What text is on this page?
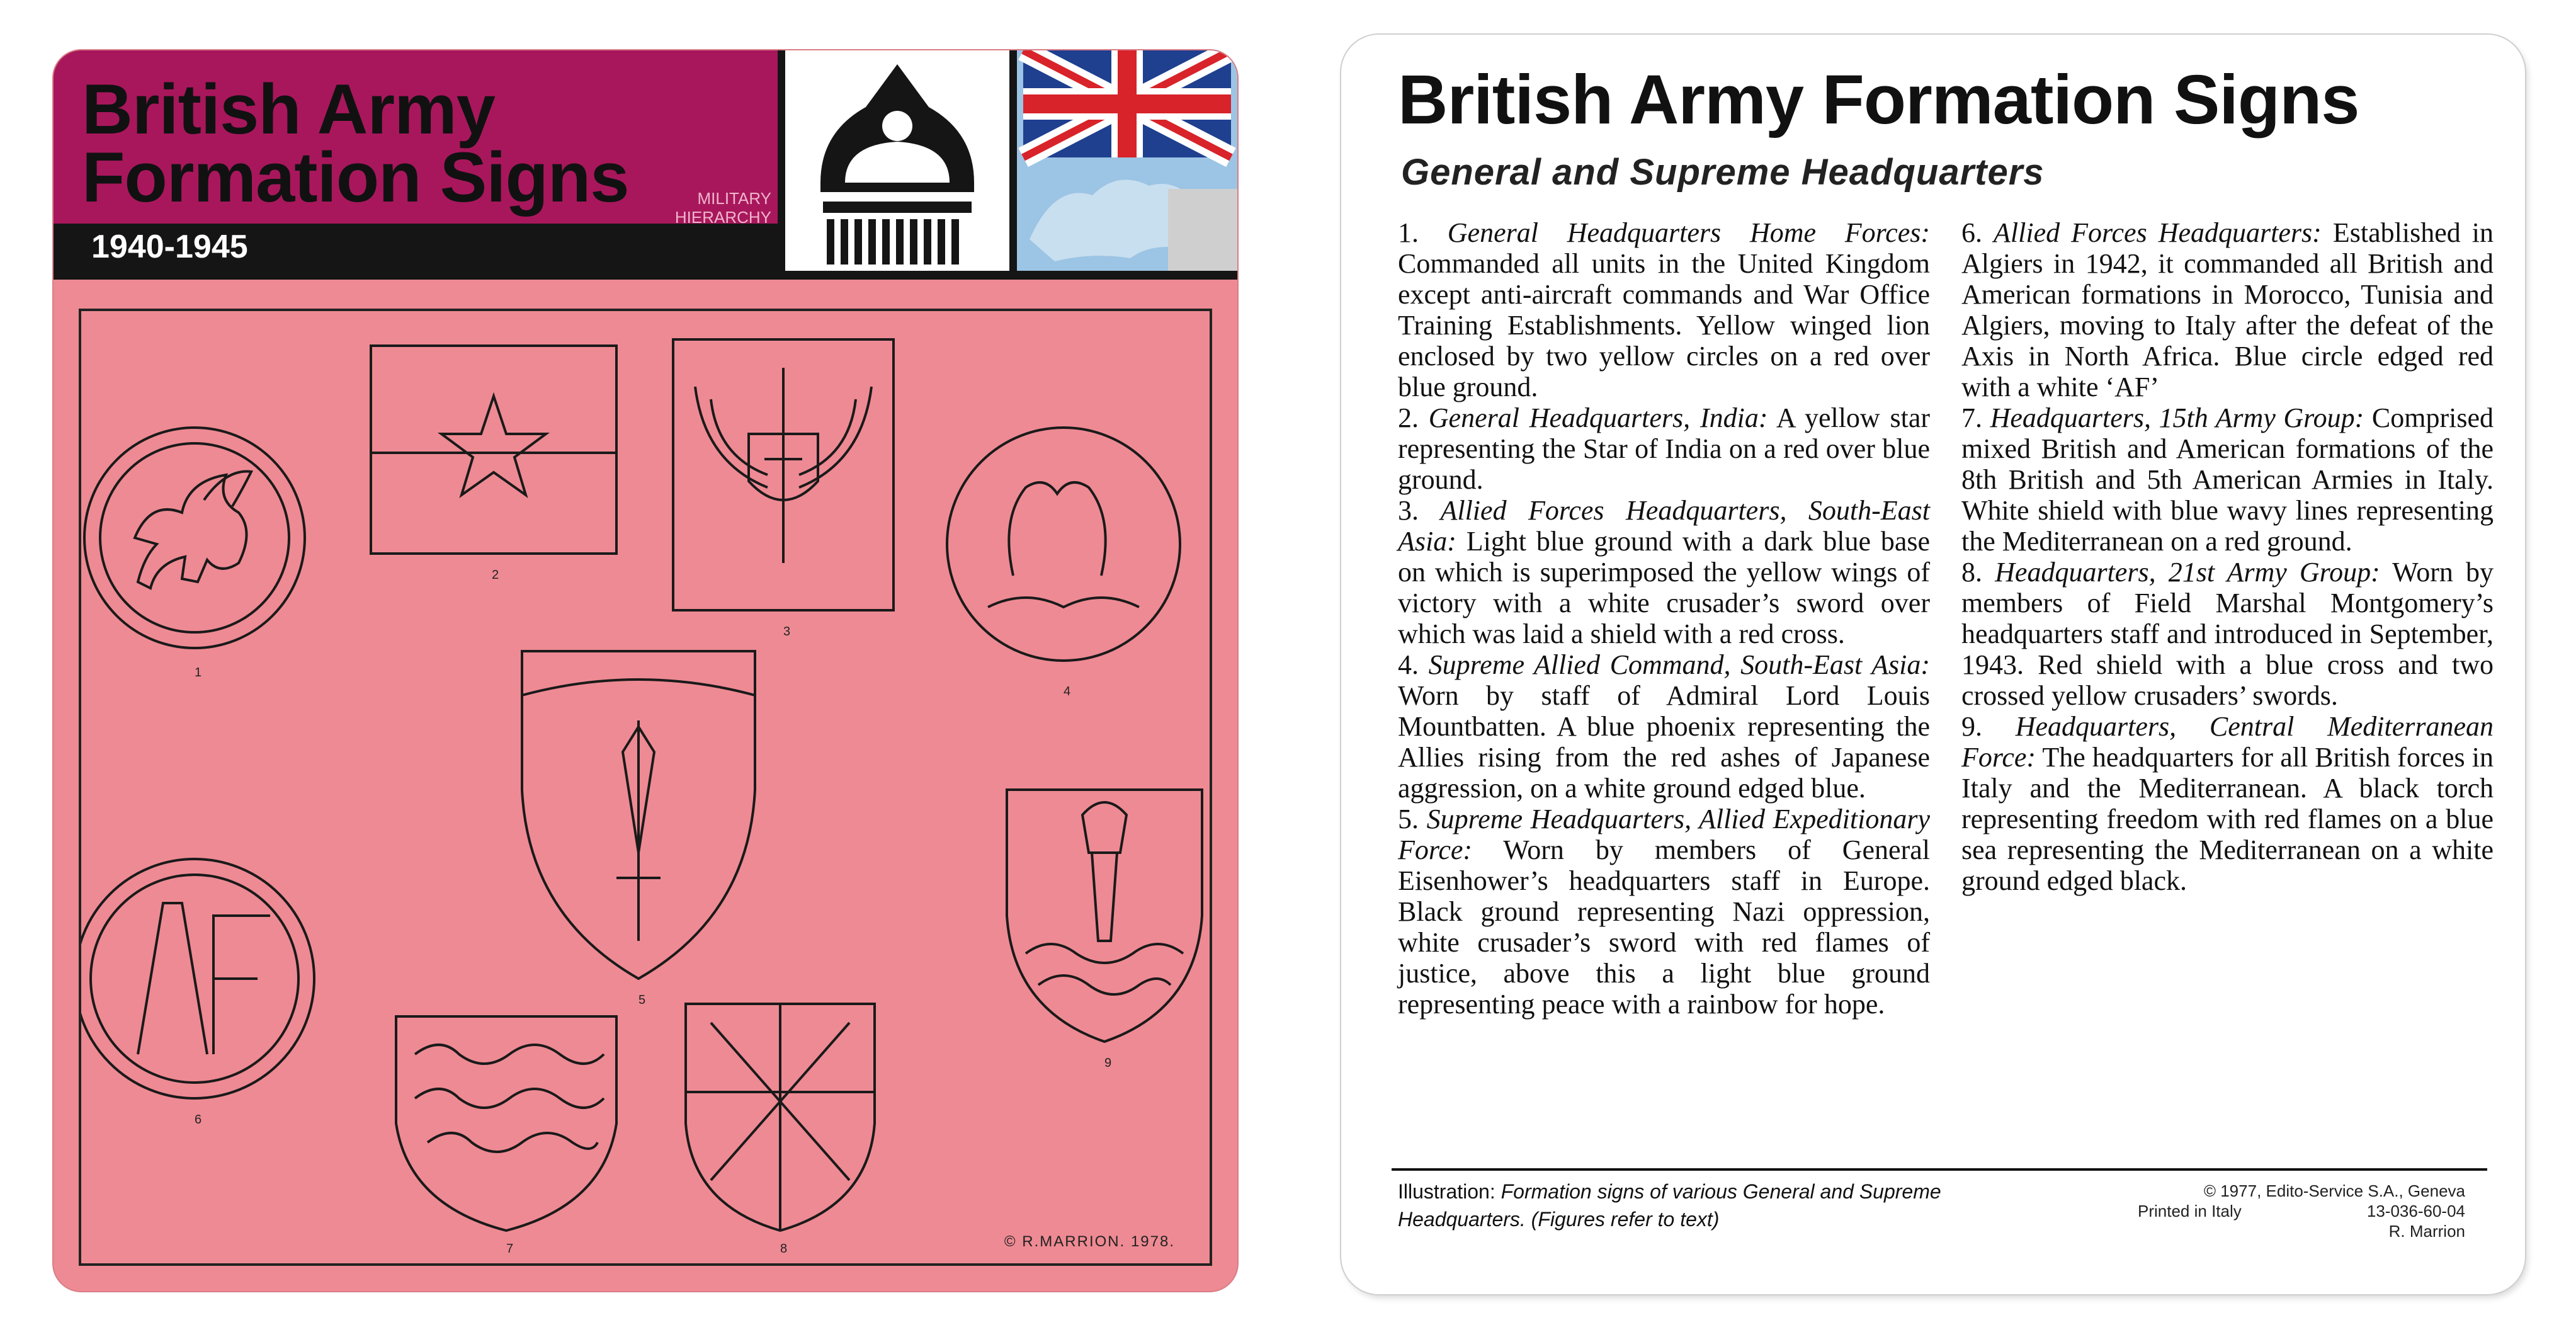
British Army
Formation Signs
1940-1945
MILITARY
HIERARCHY
1
2
3
4
5
6
7	8
9
© R.MARRION. 1978.
British Army Formation Signs
General and Supreme Headquarters

1. General Headquarters Home Forces: Commanded all units in the United Kingdom except anti-aircraft commands and War Office Training Establishments. Yellow winged lion enclosed by two yellow circles on a red over blue ground.

2. General Headquarters, India: A yellow star representing the Star of India on a red over blue ground.

3. Allied Forces Headquarters, South-East Asia: Light blue ground with a dark blue base on which is superimposed the yellow wings of victory with a white crusader’s sword over which was laid a shield with a red cross.

4. Supreme Allied Command, South-East Asia: Worn by staff of Admiral Lord Louis Mountbatten. A blue phoenix representing the Allies rising from the red ashes of Japanese aggression, on a white ground edged blue.

5. Supreme Headquarters, Allied Expeditionary Force: Worn by members of General Eisenhower’s headquarters staff in Europe. Black ground representing Nazi oppression, white crusader’s sword with red flames of justice, above this a light blue ground representing peace with a rainbow for hope.

6. Allied Forces Headquarters: Established in Algiers in 1942, it commanded all British and American formations in Morocco, Tunisia and Algiers, moving to Italy after the defeat of the Axis in North Africa. Blue circle edged red with a white ‘AF’

7. Headquarters, 15th Army Group: Comprised mixed British and American formations of the 8th British and 5th American Armies in Italy. White shield with blue wavy lines representing the Mediterranean on a red ground.

8. Headquarters, 21st Army Group: Worn by members of Field Marshal Montgomery’s headquarters staff and introduced in September, 1943. Red shield with a blue cross and two crossed yellow crusaders’ swords.

9. Headquarters, Central Mediterranean Force: The headquarters for all British forces in Italy and the Mediterranean. A black torch representing freedom with red flames on a blue sea representing the Mediterranean on a white ground edged black.

Illustration: Formation signs of various General and Supreme Headquarters. (Figures refer to text)
© 1977, Edito-Service S.A., Geneva
Printed in Italy	13-036-60-04
R. Marrion
